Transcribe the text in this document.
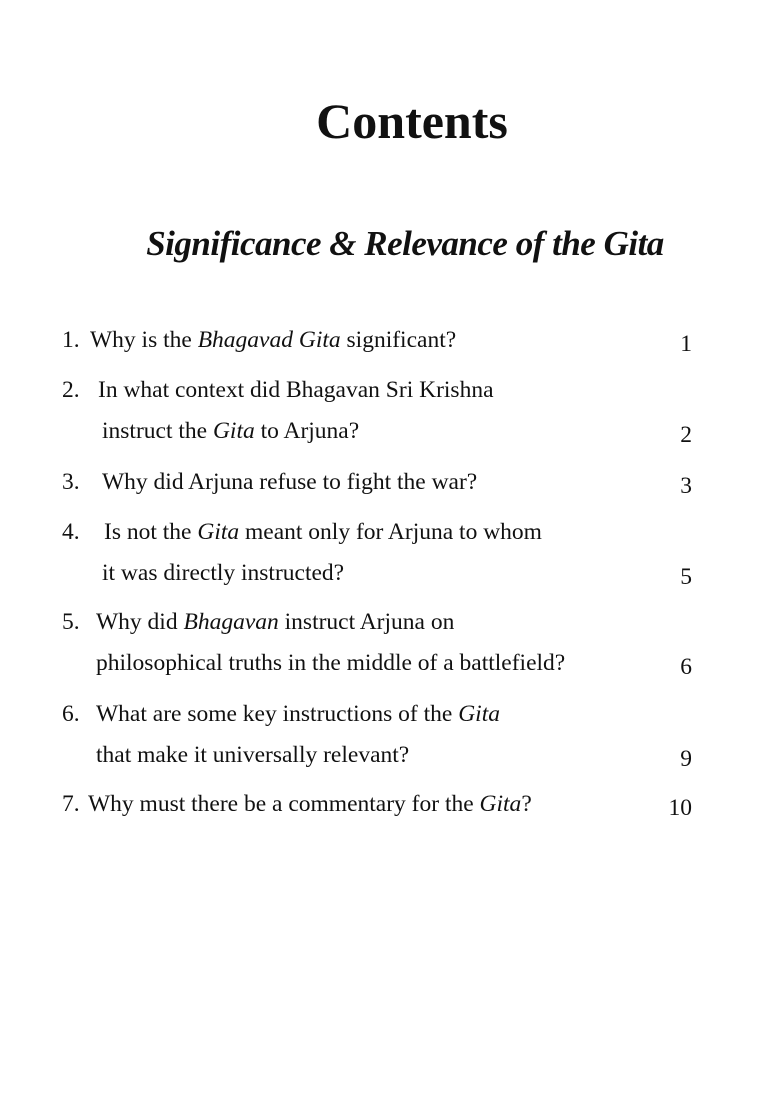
Contents
Significance & Relevance of the Gita
1. Why is the Bhagavad Gita significant?	1
2. In what context did Bhagavan Sri Krishna
instruct the Gita to Arjuna?	2
3. Why did Arjuna refuse to fight the war?	3
4. Is not the Gita meant only for Arjuna to whom
it was directly instructed?	5
5. Why did Bhagavan instruct Arjuna on
philosophical truths in the middle of a battlefield?	6
6. What are some key instructions of the Gita
that make it universally relevant?	9
7. Why must there be a commentary for the Gita?	10
